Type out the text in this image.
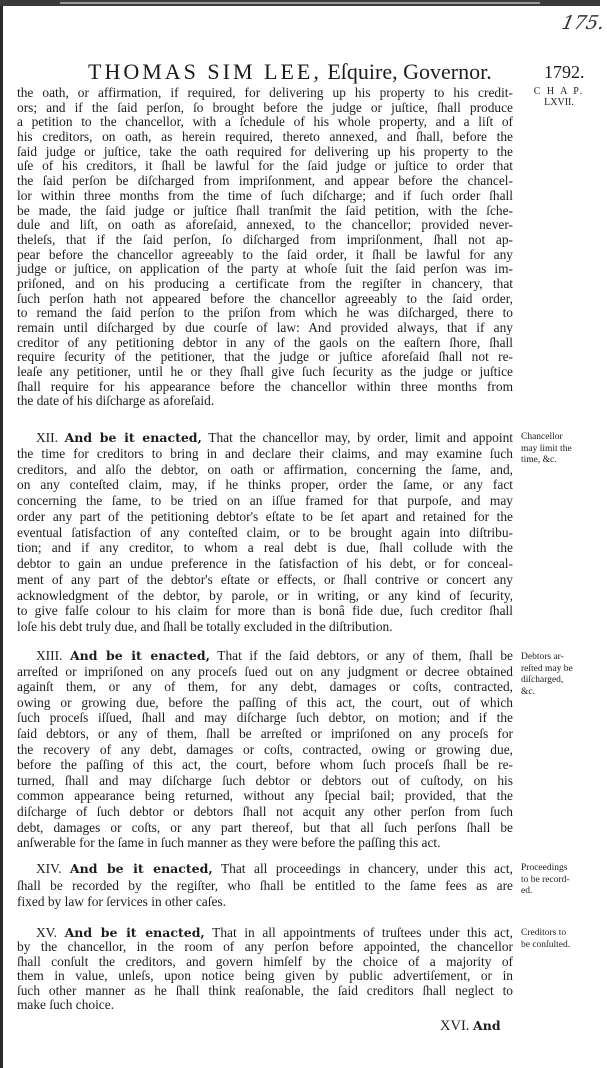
175.
THOMAS SIM LEE, Eſquire, Governor.	1792.
C H A P.
LXVII.
the oath, or affirmation, if required, for delivering up his property to his credit-
ors; and if the ſaid perſon, ſo brought before the judge or juſtice, ſhall produce
a petition to the chancellor, with a ſchedule of his whole property, and a liſt of
his creditors, on oath, as herein required, thereto annexed, and ſhall, before the
ſaid judge or juſtice, take the oath required for delivering up his property to the
uſe of his creditors, it ſhall be lawful for the ſaid judge or juſtice to order that
the ſaid perſon be diſcharged from impriſonment, and appear before the chancel-
lor within three months from the time of ſuch diſcharge; and if ſuch order ſhall
be made, the ſaid judge or juſtice ſhall tranſmit the ſaid petition, with the ſche-
dule and liſt, on oath as aforeſaid, annexed, to the chancellor; provided never-
theleſs, that if the ſaid perſon, ſo diſcharged from impriſonment, ſhall not ap-
pear before the chancellor agreeably to the ſaid order, it ſhall be lawful for any
judge or juſtice, on application of the party at whoſe ſuit the ſaid perſon was im-
priſoned, and on his producing a certificate from the regiſter in chancery, that
ſuch perſon hath not appeared before the chancellor agreeably to the ſaid order,
to remand the ſaid perſon to the priſon from which he was diſcharged, there to
remain until diſcharged by due courſe of law: And provided always, that if any
creditor of any petitioning debtor in any of the gaols on the eaſtern ſhore, ſhall
require ſecurity of the petitioner, that the judge or juſtice aforeſaid ſhall not re-
leaſe any petitioner, until he or they ſhall give ſuch ſecurity as the judge or juſtice
ſhall require for his appearance before the chancellor within three months from
the date of his diſcharge as aforeſaid.
XII. And be it enacted, That the chancellor may, by order, limit and appoint
the time for creditors to bring in and declare their claims, and may examine ſuch
creditors, and alſo the debtor, on oath or affirmation, concerning the ſame, and,
on any conteſted claim, may, if he thinks proper, order the ſame, or any fact
concerning the ſame, to be tried on an iſſue framed for that purpoſe, and may
order any part of the petitioning debtor's eſtate to be ſet apart and retained for the
eventual ſatisfaction of any conteſted claim, or to be brought again into diſtribu-
tion; and if any creditor, to whom a real debt is due, ſhall collude with the
debtor to gain an undue preference in the ſatisfaction of his debt, or for conceal-
ment of any part of the debtor's eſtate or effects, or ſhall contrive or concert any
acknowledgment of the debtor, by parole, or in writing, or any kind of ſecurity,
to give falſe colour to his claim for more than is bonâ fide due, ſuch creditor ſhall
loſe his debt truly due, and ſhall be totally excluded in the diſtribution.
XIII. And be it enacted, That if the ſaid debtors, or any of them, ſhall be
arreſted or impriſoned on any proceſs ſued out on any judgment or decree obtained
againſt them, or any of them, for any debt, damages or coſts, contracted,
owing or growing due, before the paſſing of this act, the court, out of which
ſuch proceſs iſſued, ſhall and may diſcharge ſuch debtor, on motion; and if the
ſaid debtors, or any of them, ſhall be arreſted or impriſoned on any proceſs for
the recovery of any debt, damages or coſts, contracted, owing or growing due,
before the paſſing of this act, the court, before whom ſuch proceſs ſhall be re-
turned, ſhall and may diſcharge ſuch debtor or debtors out of cuſtody, on his
common appearance being returned, without any ſpecial bail; provided, that the
diſcharge of ſuch debtor or debtors ſhall not acquit any other perſon from ſuch
debt, damages or coſts, or any part thereof, but that all ſuch perſons ſhall be
anſwerable for the ſame in ſuch manner as they were before the paſſing this act.
XIV. And be it enacted, That all proceedings in chancery, under this act,
ſhall be recorded by the regiſter, who ſhall be entitled to the ſame fees as are
fixed by law for ſervices in other caſes.
XV. And be it enacted, That in all appointments of truſtees under this act,
by the chancellor, in the room of any perſon before appointed, the chancellor
ſhall conſult the creditors, and govern himſelf by the choice of a majority of
them in value, unleſs, upon notice being given by public advertiſement, or in
ſuch other manner as he ſhall think reaſonable, the ſaid creditors ſhall neglect to
make ſuch choice.
Chancellor
may limit the
time, &c.
Debtors ar-
reſted may be
diſcharged,
&c.
Proceedings
to be record-
ed.
Creditors to
be conſulted.
XVI. And
